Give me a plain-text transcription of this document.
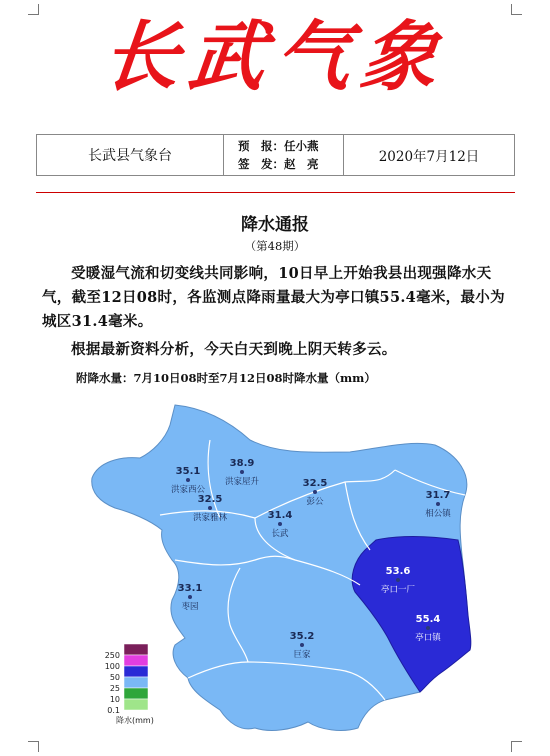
长武气象
长武县气象台
预　报：任小燕
签　发：赵　亮	2020年7月12日
降水通报
（第48期）
受暖湿气流和切变线共同影响，10日早上开始我县出现强降水天气，截至12日08时，各监测点降雨量最大为亭口镇55.4毫米，最小为城区31.4毫米。
根据最新资料分析，今天白天到晚上阴天转多云。
附降水量：7月10日08时至7月12日08时降水量（mm）
35.1
洪家西公
38.9
洪家屋升	32.5
彭公
31.7
相公镇
32.5
洪家雅林	31.4
长武
53.6
亭口一厂
33.1
枣园
55.4
亭口镇
35.2
巨家
250
100
50
25
10
0.1
降水(mm)
